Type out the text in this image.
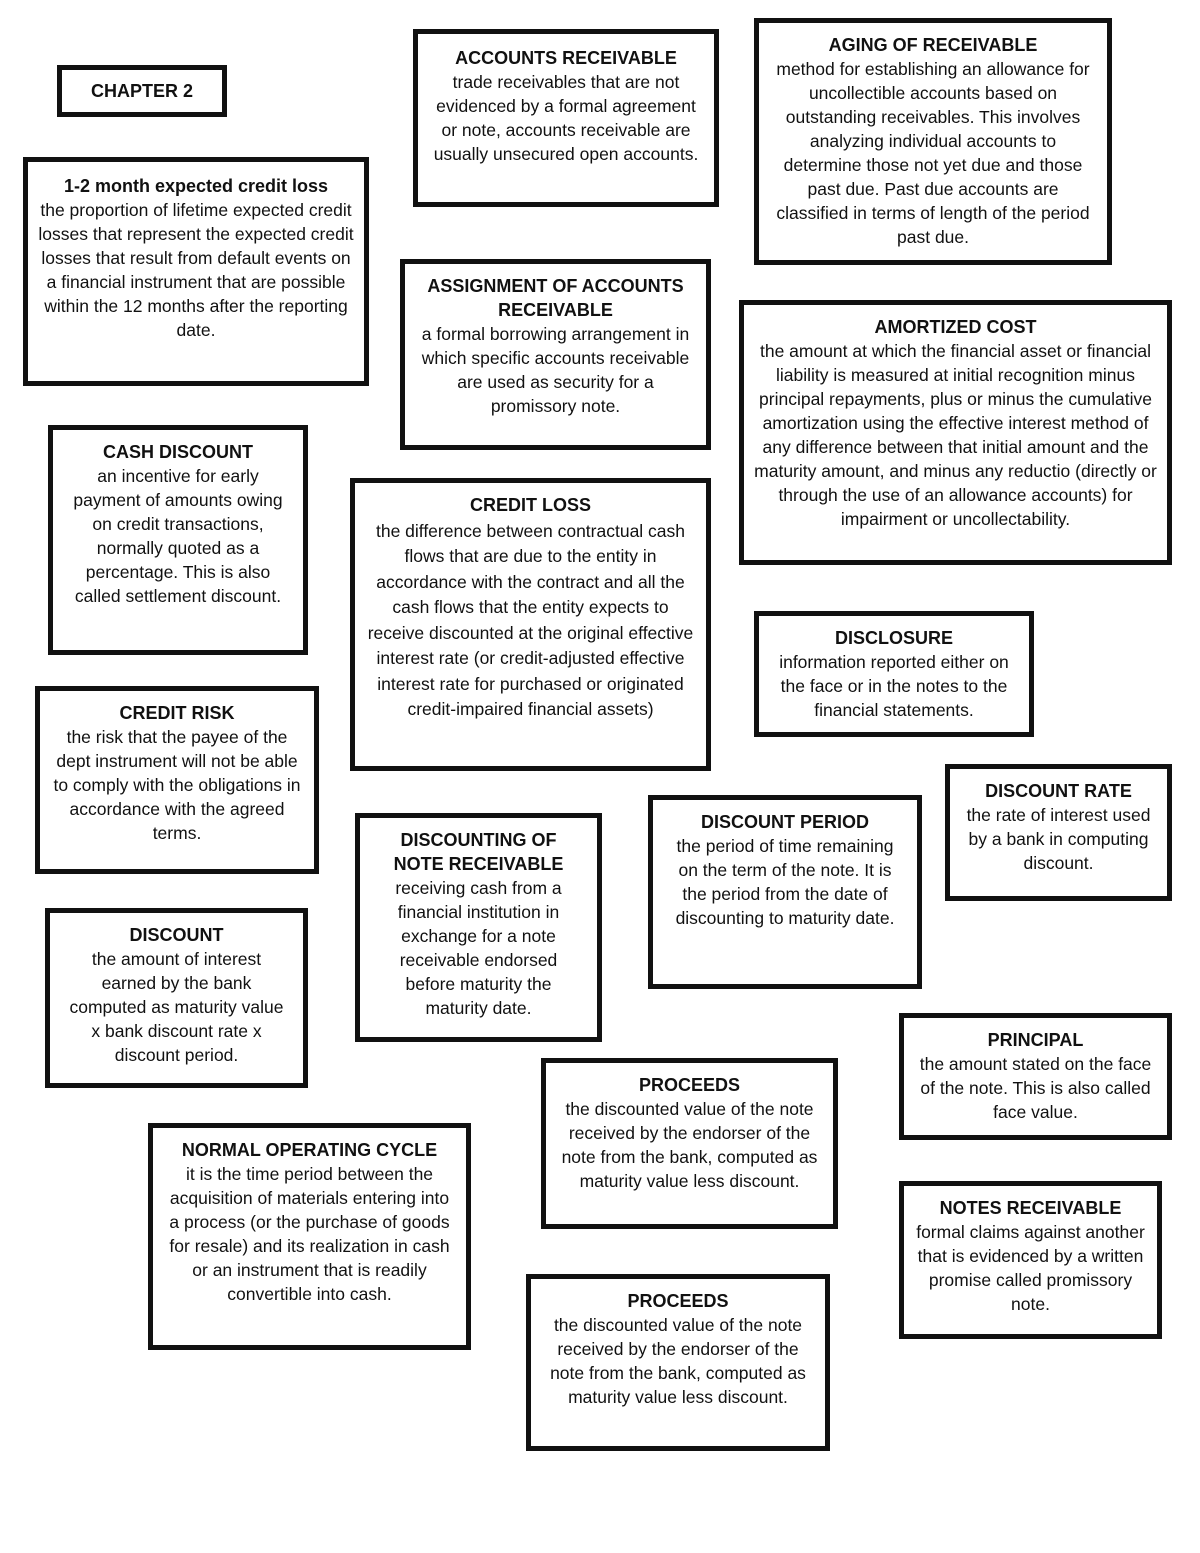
CHAPTER 2
ACCOUNTS RECEIVABLE
trade receivables that are not evidenced by a formal agreement or note, accounts receivable are usually unsecured open accounts.
AGING OF RECEIVABLE
method for establishing an allowance for uncollectible accounts based on outstanding receivables. This involves analyzing individual accounts to determine those not yet due and those past due. Past due accounts are classified in terms of length of the period past due.
1-2 month expected credit loss
the proportion of lifetime expected credit losses that represent the expected credit losses that result from default events on a financial instrument that are possible within the 12 months after the reporting date.
ASSIGNMENT OF ACCOUNTS RECEIVABLE
a formal borrowing arrangement in which specific accounts receivable are used as security for a promissory note.
AMORTIZED COST
the amount at which the financial asset or financial liability is measured at initial recognition minus principal repayments, plus or minus the cumulative amortization using the effective interest method of any difference between that initial amount and the maturity amount, and minus any reductio (directly or through the use of an allowance accounts) for impairment or uncollectability.
CASH DISCOUNT
an incentive for early payment of amounts owing on credit transactions, normally quoted as a percentage. This is also called settlement discount.
CREDIT LOSS
the difference between contractual cash flows that are due to the entity in accordance with the contract and all the cash flows that the entity expects to receive discounted at the original effective interest rate (or credit-adjusted effective interest rate for purchased or originated credit-impaired financial assets)
DISCLOSURE
information reported either on the face or in the notes to the financial statements.
CREDIT RISK
the risk that the payee of the dept instrument will not be able to comply with the obligations in accordance with the agreed terms.
DISCOUNT RATE
the rate of interest used by a bank in computing discount.
DISCOUNT PERIOD
the period of time remaining on the term of the note. It is the period from the date of discounting to maturity date.
DISCOUNTING OF NOTE RECEIVABLE
receiving cash from a financial institution in exchange for a note receivable endorsed before maturity the maturity date.
DISCOUNT
the amount of interest earned by the bank computed as maturity value x bank discount rate x discount period.
PRINCIPAL
the amount stated on the face of the note. This is also called face value.
PROCEEDS
the discounted value of the note received by the endorser of the note from the bank, computed as maturity value less discount.
NORMAL OPERATING CYCLE
it is the time period between the acquisition of materials entering into a process (or the purchase of goods for resale) and its realization in cash or an instrument that is readily convertible into cash.
NOTES RECEIVABLE
formal claims against another that is evidenced by a written promise called promissory note.
PROCEEDS
the discounted value of the note received by the endorser of the note from the bank, computed as maturity value less discount.
